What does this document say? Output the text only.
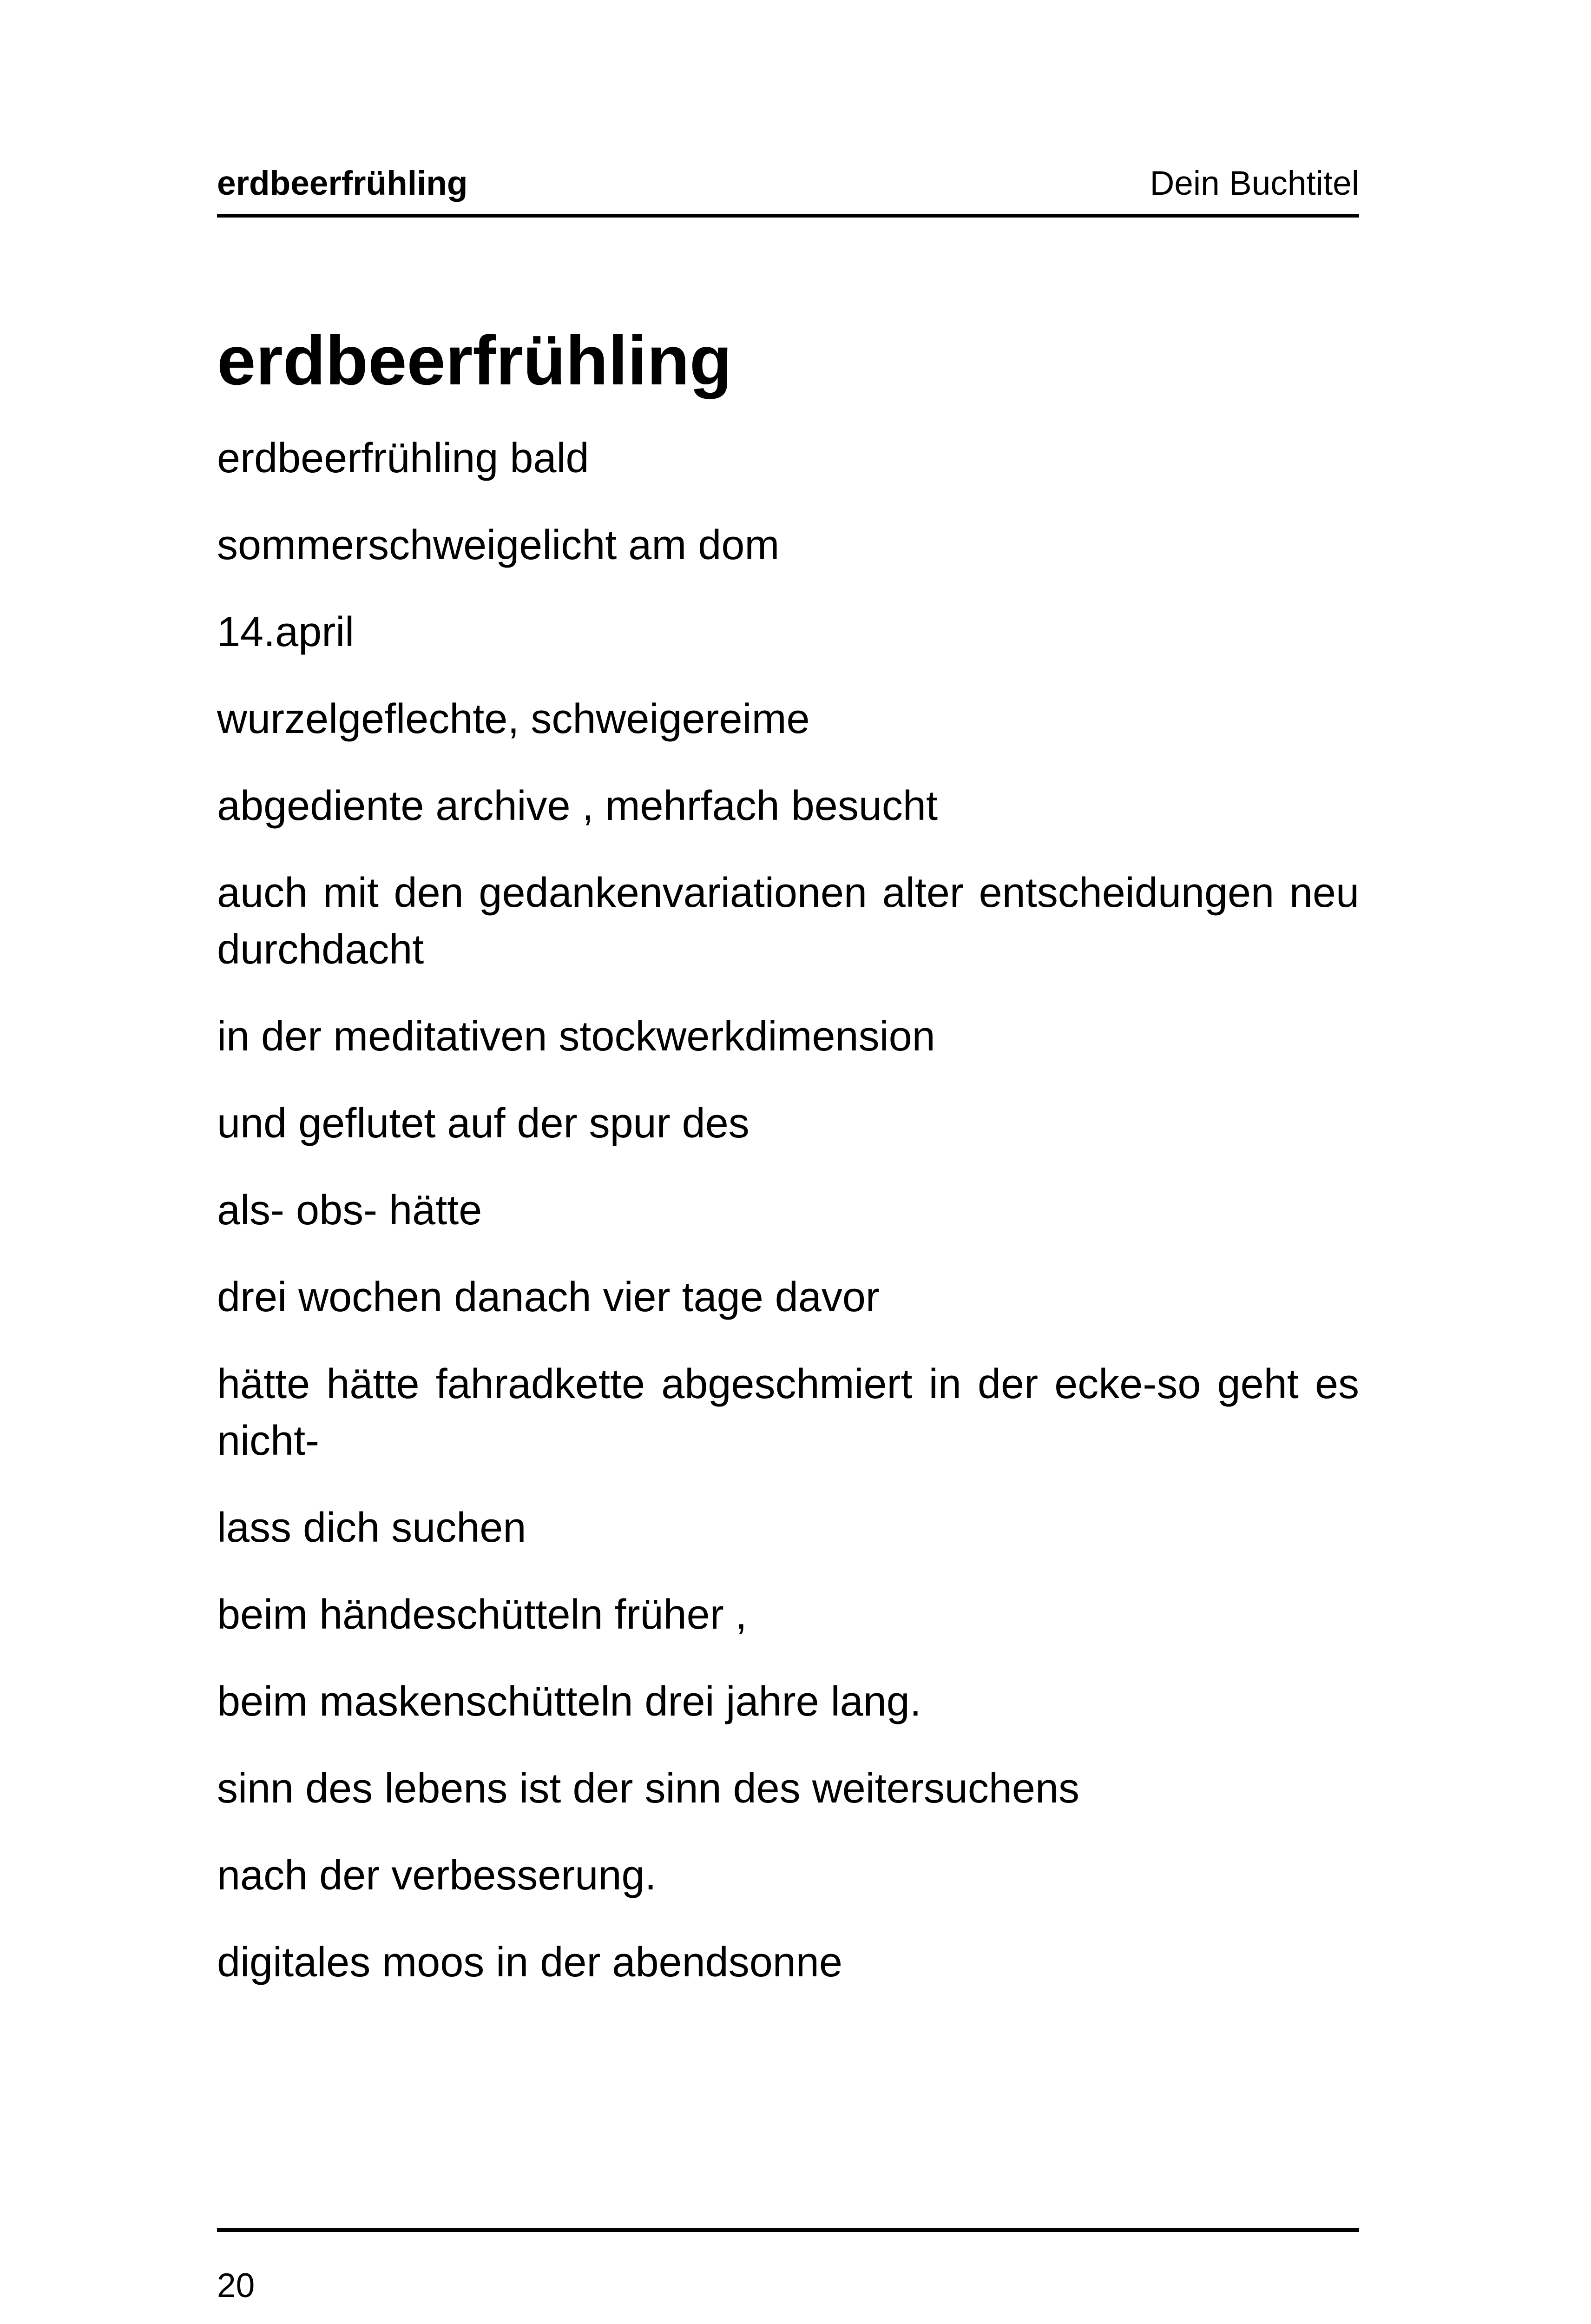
erdbeerfrühling	Dein Buchtitel
erdbeerfrühling

erdbeerfrühling bald

sommerschweigelicht am dom

14.april

wurzelgeflechte, schweigereime

abgediente archive , mehrfach besucht

auch mit den gedankenvariationen alter entscheidungen neu durchdacht

in der meditativen stockwerkdimension

und geflutet auf der spur des

als- obs- hätte

drei wochen danach vier tage davor

hätte hätte fahradkette abgeschmiert in der ecke-so geht es nicht-

lass dich suchen

beim händeschütteln früher ,

beim maskenschütteln drei jahre lang.

sinn des lebens ist der sinn des weitersuchens

nach der verbesserung.

digitales moos in der abendsonne

20
